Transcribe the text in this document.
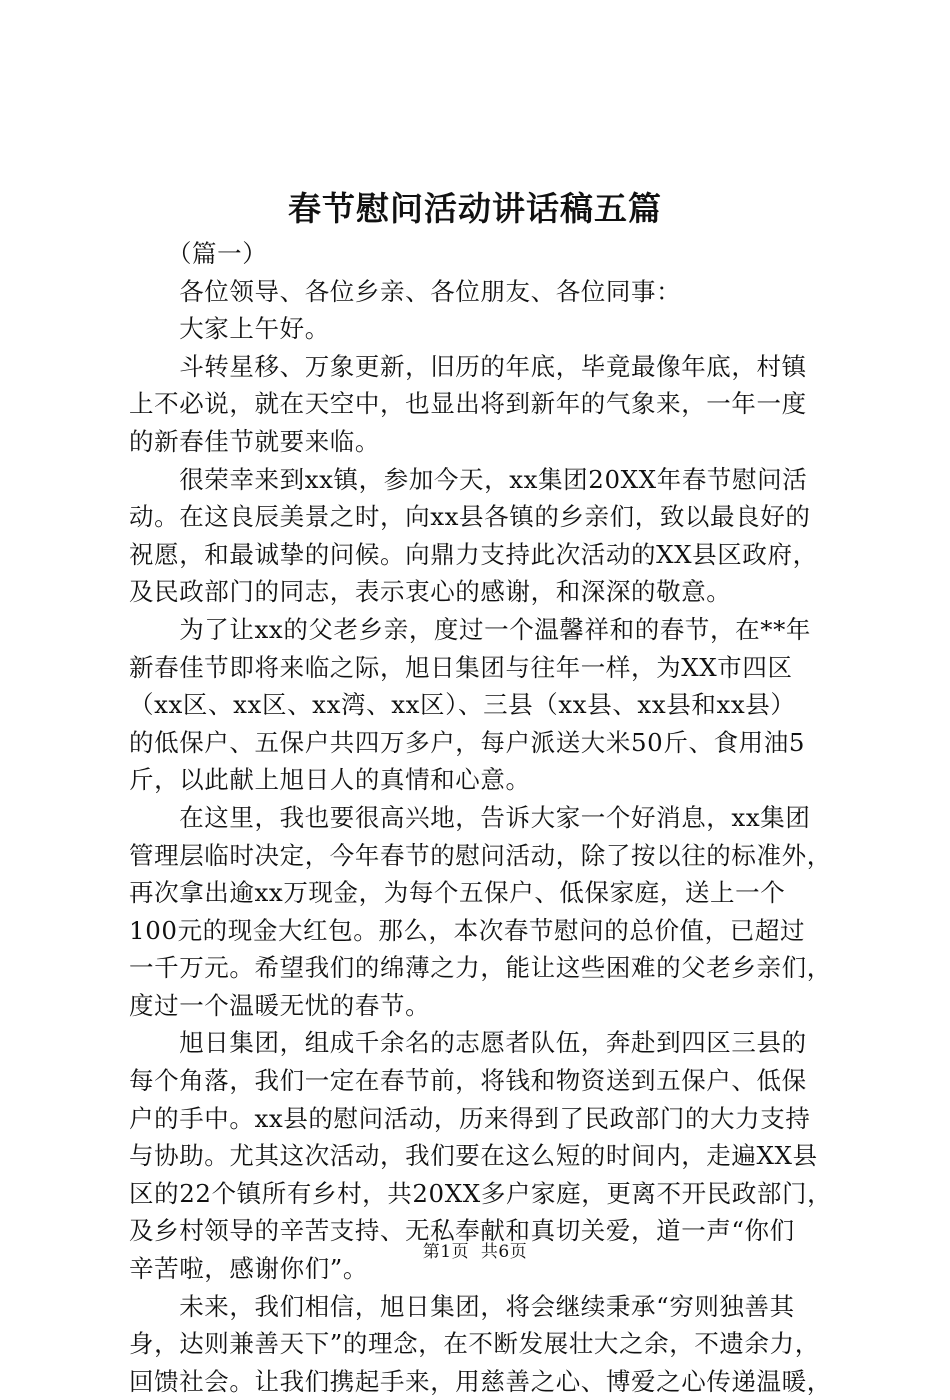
春节慰问活动讲话稿五篇
　　（篇一）
　　各位领导、各位乡亲、各位朋友、各位同事：
　　大家上午好。
　　斗转星移、万象更新，旧历的年底，毕竟最像年底，村镇
上不必说，就在天空中，也显出将到新年的气象来，一年一度
的新春佳节就要来临。
　　很荣幸来到xx镇，参加今天，xx集团20XX年春节慰问活
动。在这良辰美景之时，向xx县各镇的乡亲们，致以最良好的
祝愿，和最诚挚的问候。向鼎力支持此次活动的XX县区政府，
及民政部门的同志，表示衷心的感谢，和深深的敬意。
　　为了让xx的父老乡亲，度过一个温馨祥和的春节，在**年
新春佳节即将来临之际，旭日集团与往年一样，为XX市四区
（xx区、xx区、xx湾、xx区）、三县（xx县、xx县和xx县）
的低保户、五保户共四万多户，每户派送大米50斤、食用油5
斤，以此献上旭日人的真情和心意。
　　在这里，我也要很高兴地，告诉大家一个好消息，xx集团
管理层临时决定，今年春节的慰问活动，除了按以往的标准外，
再次拿出逾xx万现金，为每个五保户、低保家庭，送上一个
100元的现金大红包。那么，本次春节慰问的总价值，已超过
一千万元。希望我们的绵薄之力，能让这些困难的父老乡亲们，
度过一个温暖无忧的春节。
　　旭日集团，组成千余名的志愿者队伍，奔赴到四区三县的
每个角落，我们一定在春节前，将钱和物资送到五保户、低保
户的手中。xx县的慰问活动，历来得到了民政部门的大力支持
与协助。尤其这次活动，我们要在这么短的时间内，走遍XX县
区的22个镇所有乡村，共20XX多户家庭，更离不开民政部门，
及乡村领导的辛苦支持、无私奉献和真切关爱，道一声“你们
辛苦啦，感谢你们”。
　　未来，我们相信，旭日集团，将会继续秉承“穷则独善其
身，达则兼善天下”的理念，在不断发展壮大之余，不遗余力，
回馈社会。让我们携起手来，用慈善之心、博爱之心传递温暖，
第1页  共6页
